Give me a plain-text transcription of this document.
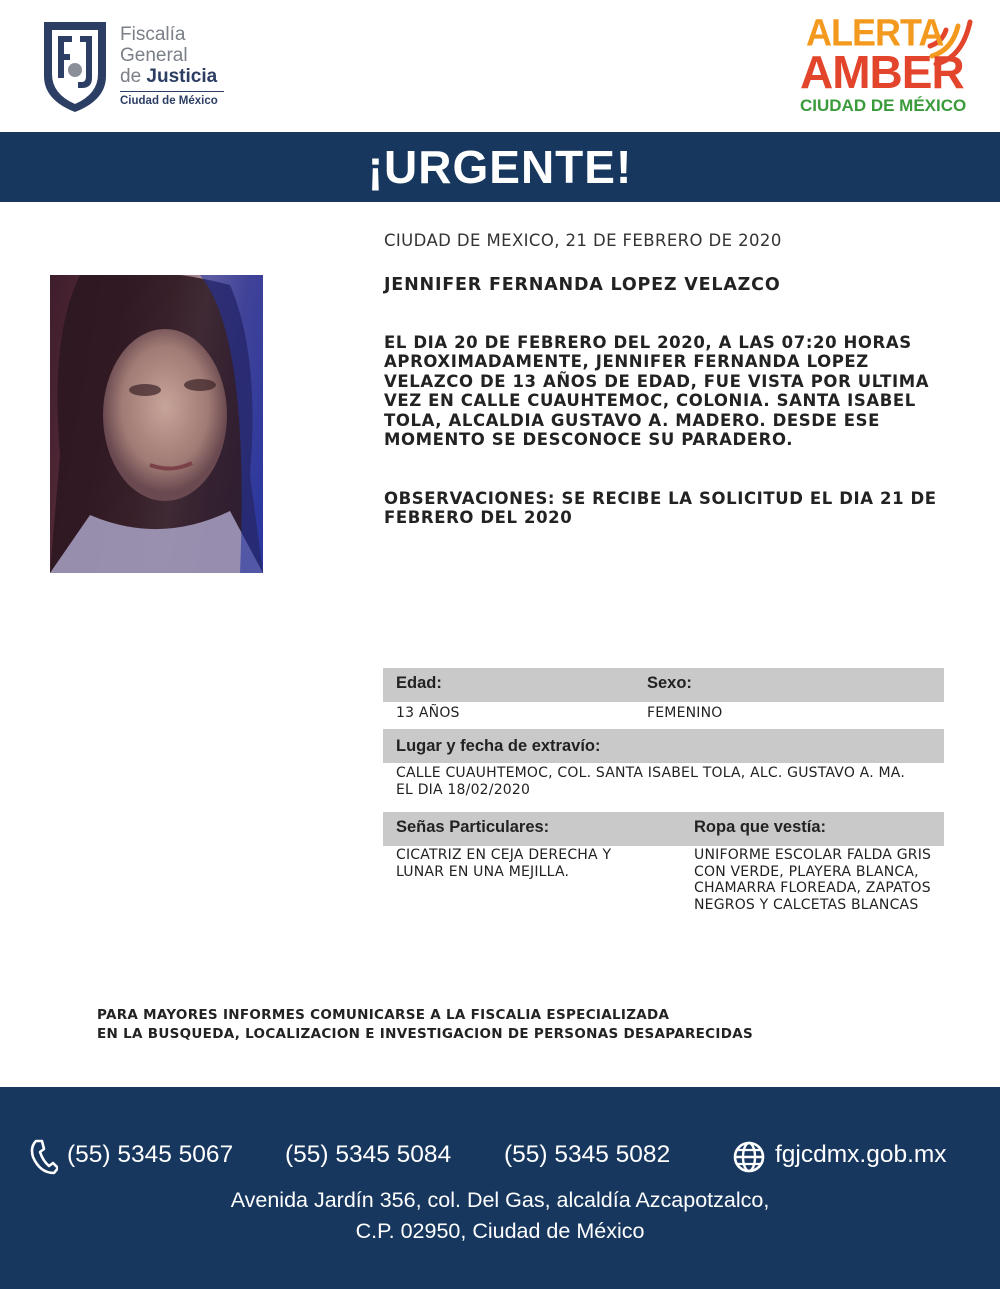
Fiscalía
General
de Justicia
Ciudad de México
ALERTA
AMBER
CIUDAD DE MÉXICO
¡URGENTE!
CIUDAD DE MEXICO, 21 DE FEBRERO DE 2020
JENNIFER FERNANDA LOPEZ VELAZCO
EL DIA 20 DE FEBRERO DEL 2020, A LAS 07:20 HORAS APROXIMADAMENTE, JENNIFER FERNANDA LOPEZ VELAZCO DE 13 AÑOS DE EDAD, FUE VISTA POR ULTIMA VEZ EN CALLE CUAUHTEMOC, COLONIA. SANTA ISABEL TOLA, ALCALDIA GUSTAVO A. MADERO. DESDE ESE MOMENTO SE DESCONOCE SU PARADERO.
OBSERVACIONES: SE RECIBE LA SOLICITUD EL DIA 21 DE FEBRERO DEL 2020
Edad:	Sexo:
13 AÑOS	FEMENINO
Lugar y fecha de extravío:
CALLE CUAUHTEMOC, COL. SANTA ISABEL TOLA, ALC. GUSTAVO A. MA. EL DIA 18/02/2020
Señas Particulares:	Ropa que vestía:
CICATRIZ EN CEJA DERECHA Y LUNAR EN UNA MEJILLA.
UNIFORME ESCOLAR FALDA GRIS CON VERDE, PLAYERA BLANCA, CHAMARRA FLOREADA, ZAPATOS NEGROS Y CALCETAS BLANCAS
PARA MAYORES INFORMES COMUNICARSE A LA FISCALIA ESPECIALIZADA
EN LA BUSQUEDA, LOCALIZACION E INVESTIGACION DE PERSONAS DESAPARECIDAS
(55) 5345 5067 (55) 5345 5084 (55) 5345 5082	fgjcdmx.gob.mx
Avenida Jardín 356, col. Del Gas, alcaldía Azcapotzalco,
C.P. 02950, Ciudad de México
